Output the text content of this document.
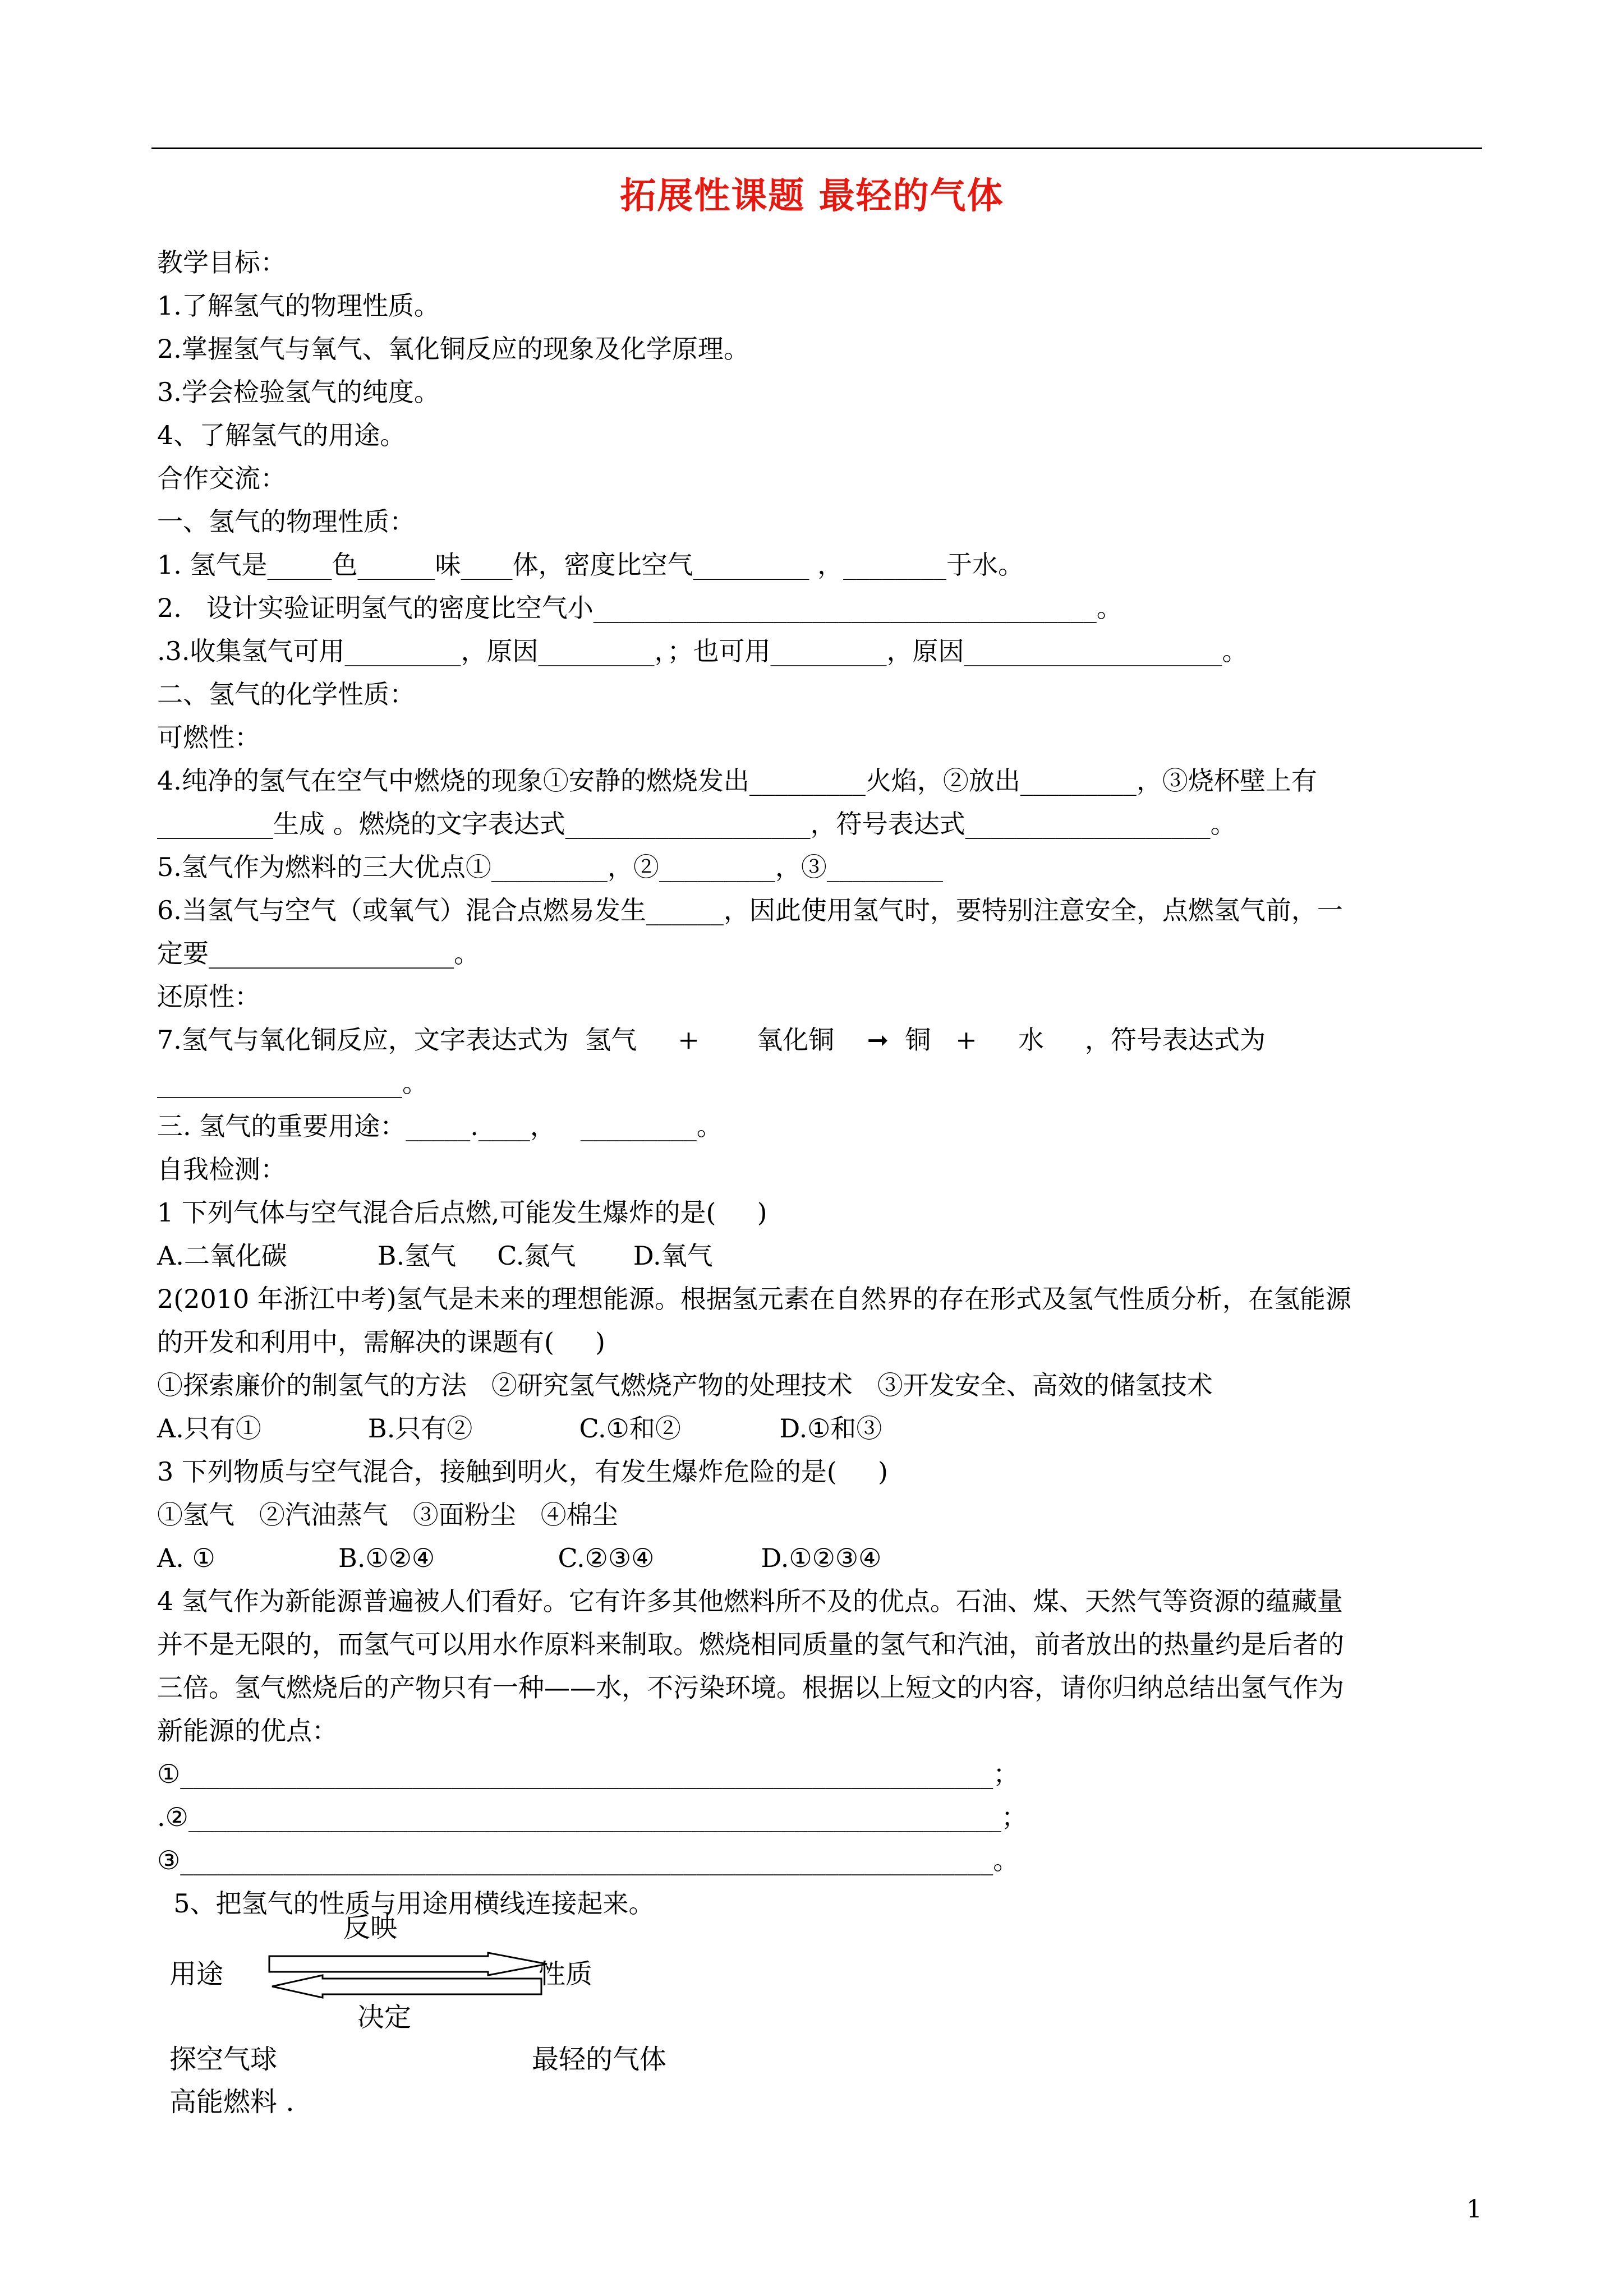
拓展性课题 最轻的气体
教学目标：
1.了解氢气的物理性质。
2.掌握氢气与氧气、氧化铜反应的现象及化学原理。
3.学会检验氢气的纯度。
4、了解氢气的用途。
合作交流：
一、氢气的物理性质：
1. 氢气是_____色______味____体，密度比空气_________ ，________于水。
2.   设计实验证明氢气的密度比空气小_______________________________________。
.3.收集氢气可用_________，原因_________，；也可用_________，原因____________________。
二、氢气的化学性质：
可燃性：
4.纯净的氢气在空气中燃烧的现象①安静的燃烧发出_________火焰，②放出_________，③烧杯壁上有
_________生成 。燃烧的文字表达式___________________，符号表达式___________________。
5.氢气作为燃料的三大优点①_________，②_________，③_________
6.当氢气与空气（或氧气）混合点燃易发生______，因此使用氢气时，要特别注意安全，点燃氢气前，一
定要___________________。
还原性：
7.氢气与氧化铜反应，文字表达式为  氢气     +       氧化铜    ➞  铜   +     水     ，符号表达式为
___________________。
三. 氢气的重要用途：_____.____，   _________。
自我检测：
1 下列气体与空气混合后点燃,可能发生爆炸的是(     )
A.二氧化碳           B.氢气     C.氮气       D.氧气
2(2010 年浙江中考)氢气是未来的理想能源。根据氢元素在自然界的存在形式及氢气性质分析，在氢能源
的开发和利用中，需解决的课题有(     )
①探索廉价的制氢气的方法   ②研究氢气燃烧产物的处理技术   ③开发安全、高效的储氢技术
A.只有①             B.只有②             C.①和②            D.①和③
3 下列物质与空气混合，接触到明火，有发生爆炸危险的是(     )
①氢气   ②汽油蒸气   ③面粉尘   ④棉尘
A. ①               B.①②④               C.②③④             D.①②③④
4 氢气作为新能源普遍被人们看好。它有许多其他燃料所不及的优点。石油、煤、天然气等资源的蕴藏量
并不是无限的，而氢气可以用水作原料来制取。燃烧相同质量的氢气和汽油，前者放出的热量约是后者的
三倍。氢气燃烧后的产物只有一种——水，不污染环境。根据以上短文的内容，请你归纳总结出氢气作为
新能源的优点：
①_______________________________________________________________；
.②_______________________________________________________________；
③_______________________________________________________________。
5、把氢气的性质与用途用横线连接起来。
反映
用途	性质
决定
探空气球	最轻的气体
高能燃料 .
1
